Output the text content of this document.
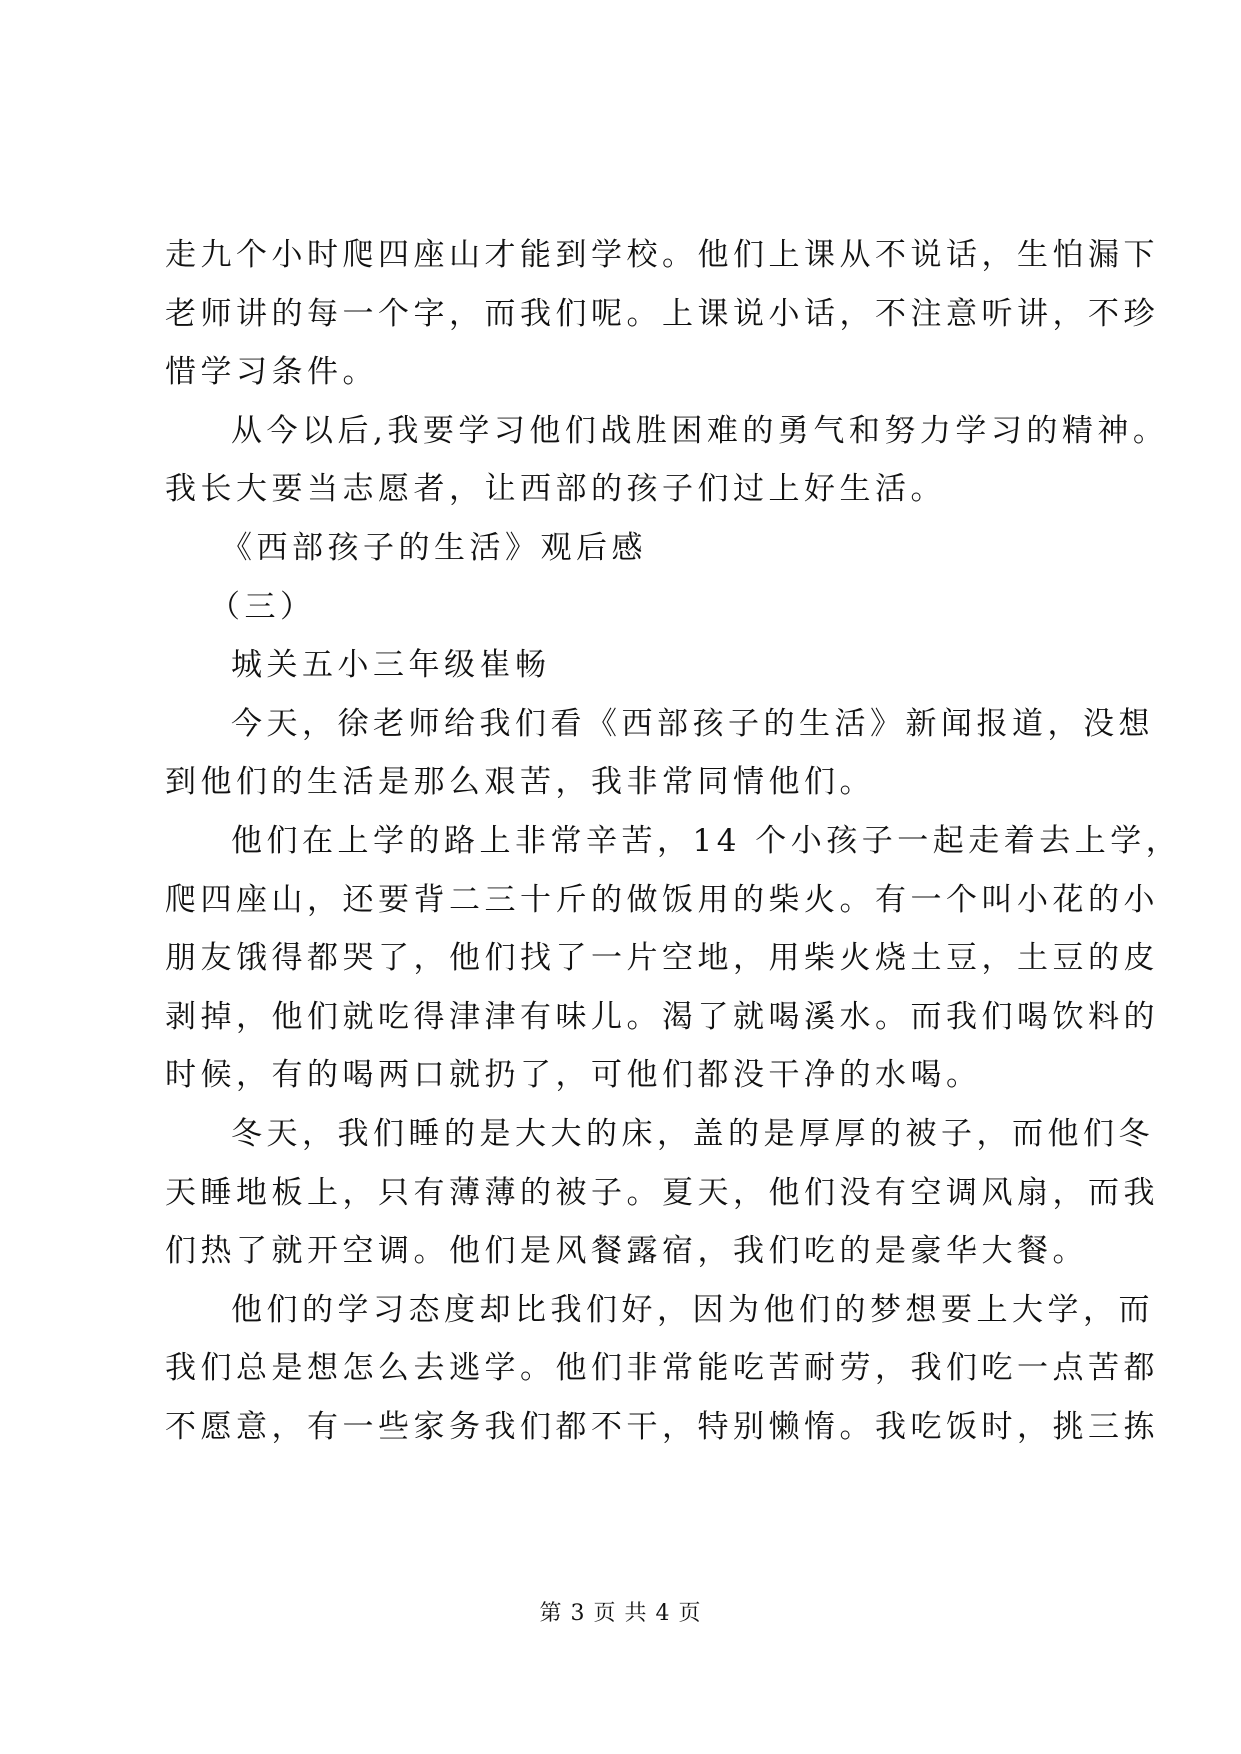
走九个小时爬四座山才能到学校。他们上课从不说话，生怕漏下
老师讲的每一个字，而我们呢。上课说小话，不注意听讲，不珍
惜学习条件。
从今以后,我要学习他们战胜困难的勇气和努力学习的精神。
我长大要当志愿者，让西部的孩子们过上好生活。
《西部孩子的生活》观后感
（三）
城关五小三年级崔畅
今天，徐老师给我们看《西部孩子的生活》新闻报道，没想
到他们的生活是那么艰苦，我非常同情他们。
他们在上学的路上非常辛苦，14 个小孩子一起走着去上学，
爬四座山，还要背二三十斤的做饭用的柴火。有一个叫小花的小
朋友饿得都哭了，他们找了一片空地，用柴火烧土豆，土豆的皮
剥掉，他们就吃得津津有味儿。渴了就喝溪水。而我们喝饮料的
时候，有的喝两口就扔了，可他们都没干净的水喝。
冬天，我们睡的是大大的床，盖的是厚厚的被子，而他们冬
天睡地板上，只有薄薄的被子。夏天，他们没有空调风扇，而我
们热了就开空调。他们是风餐露宿，我们吃的是豪华大餐。
他们的学习态度却比我们好，因为他们的梦想要上大学，而
我们总是想怎么去逃学。他们非常能吃苦耐劳，我们吃一点苦都
不愿意，有一些家务我们都不干，特别懒惰。我吃饭时，挑三拣
第 3 页 共 4 页
